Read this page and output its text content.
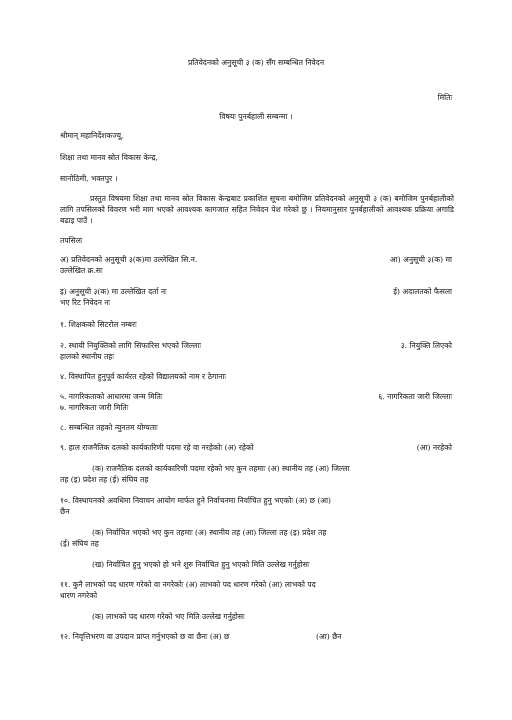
प्रतिवेदनको अनुसूची ३ (क) सँग सम्बन्धित निवेदन
मितिः
विषयः पुनर्बहाली सम्बन्मा ।
श्रीमान् महानिर्देशकज्यू,
शिक्षा तथा मानव स्रोत विकास केन्द्र,
सानोठिमी, भक्तपुर ।
प्रस्तुत विषयमा शिक्षा तथा मानव स्रोत विकास केन्द्रबाट प्रकाशित सूचना बमोजिम प्रतिवेदनको अनुसूची ३ (क) बमोजिम पुनर्बहालीको लागि तपसिलको विवरण भरी माग भएको आवश्यक कागजात सहित निवेदन पेश गरेको छु । नियमानुसार पुनर्बहालीको आवश्यक प्रक्रिया अगाडि बढाइ पाउँ ।
तपसिलः
अ) प्रतिवेदनको अनुसूची ३(क)मा उल्लेखित सि.न.	आ) अनुसूची ३(क) मा
उल्लेखित क्र.सः
इ) अनुसूची ३(क) मा उल्लेखित दर्ता नः	ई) अदालतको फैसला
भए रिट निवेदन नः
१. शिक्षकको सिटरोल नम्बरः
२. स्थायी नियुक्तिको लागि सिफारिस भएको जिल्लाः	३. नियुक्ति लिएको
हालको स्थानीय तहः
४. विस्थापित हुनुपूर्व कार्यरत रहेको विद्यालयको नाम र ठेगानाः
५. नागरिकताको आधारमा जन्म मितिः	६. नागरिकता जारी जिल्लाः
७. नागरिकता जारी मितिः
८. सम्बन्धित तहको न्युनतम योग्यताः
९. हाल राजनैतिक दलको कार्यकारिणी पदमा रहे वा नरहेकोः (अ) रहेको	(आ) नरहेको
(क) राजनैतिक दलको कार्यकारिणी पदमा रहेको भए कुन तहमाः (अ) स्थानीय तह (आ) जिल्ला
तह (इ) प्रदेश तह (ई) संघिय तह
१०. विस्थापनको अवधिमा निवाचन आयोग मार्फत हुने निर्वाचनमा निर्वाचित हुनु भएकोः (अ) छ (आ)
छैन
(क) निर्वाचित भएको भए कुन तहमाः (अ) स्थानीय तह (आ) जिल्ला तह (इ) प्रदेश तह
(ई) संघिय तह
(ख) निर्वाचित हुनु भएको हो भने शुरु निर्वाचित हुनु भएको मिति उल्लेख गर्नुहोसः
११. कुनै लाभको पद धारण गरेको वा नगरेकोः (अ) लाभको पद धारण गरेको (आ) लाभको पद
धारण नगरेको
(क) लाभको पद धारण गरेको भए मिति उल्लेख गर्नुहोसः
१२. निवृत्तिभरण वा उपदान प्राप्त गर्नुभएको छ वा छैनः (अ) छ	(आ) छैन
